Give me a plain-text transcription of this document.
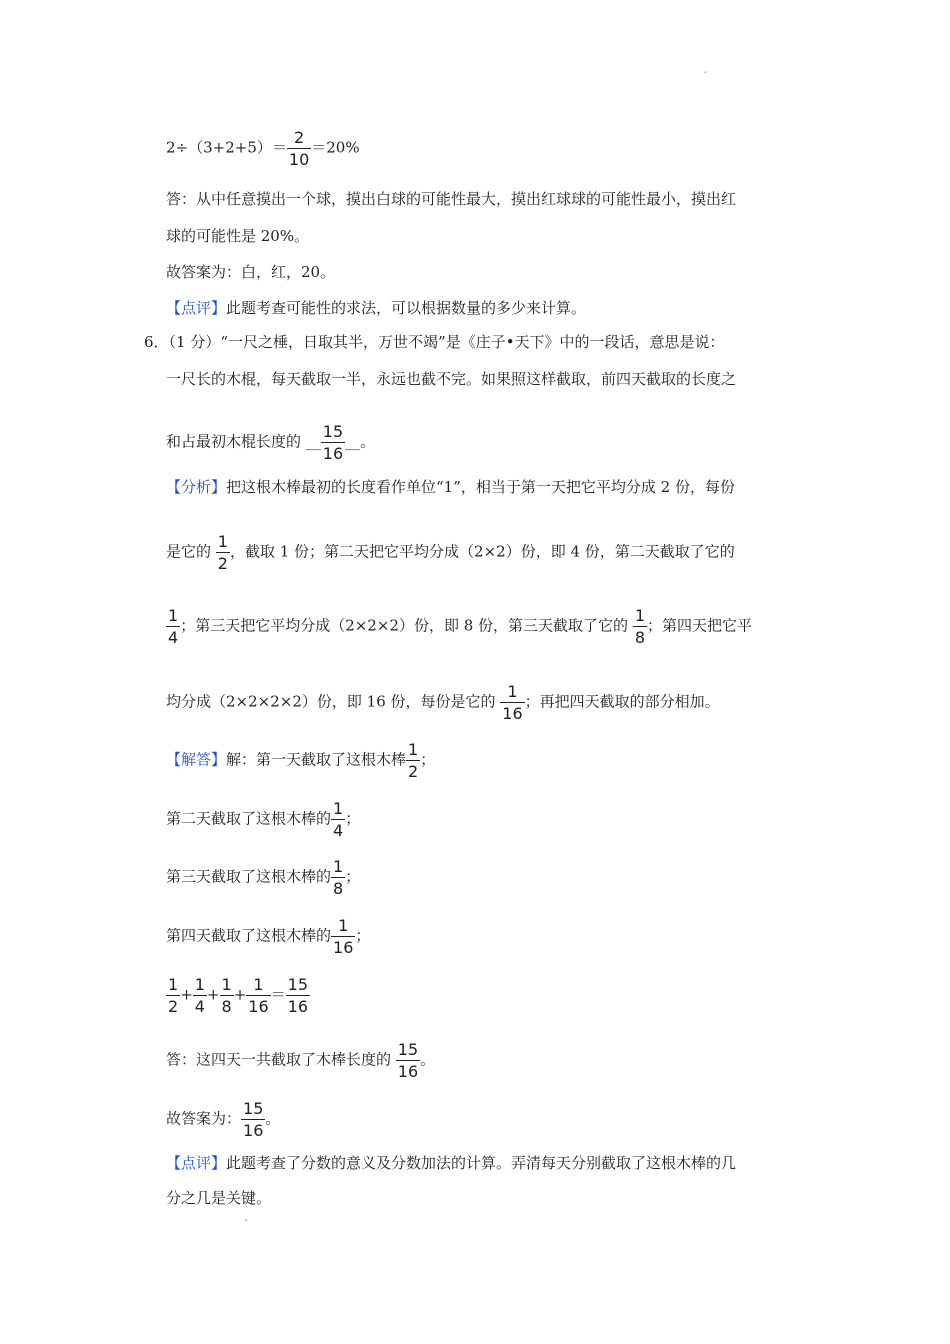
˅
$2\div(3+2+5)= \frac{2}{10} =20\%$
答：从中任意摸出一个球，摸出白球的可能性最大，摸出红球球的可能性最小，摸出红
球的可能性是 20%。
故答案为：白，红，20。
【点评】此题考查可能性的求法，可以根据数量的多少来计算。
6．（1 分）“一尺之棰，日取其半，万世不竭”是《庄子•天下》中的一段话，意思是说：
一尺长的木棍，每天截取一半，永远也截不完。如果照这样截取，前四天截取的长度之
和占最初木棍长度的 __ $\frac{15}{16}$ __。
【分析】把这根木棒最初的长度看作单位“1”，相当于第一天把它平均分成 2 份，每份
是它的 $\frac{1}{2}$ ，截取 1 份；第二天把它平均分成（2×2）份，即 4 份，第二天截取了它的
$\frac{1}{4}$ ；第三天把它平均分成（2×2×2）份，即 8 份，第三天截取了它的 $\frac{1}{8}$ ；第四天把它平
均分成（2×2×2×2）份，即 16 份，每份是它的 $\frac{1}{16}$ ；再把四天截取的部分相加。
【解答】解：第一天截取了这根木棒 $\frac{1}{2}$ ；
第二天截取了这根木棒的 $\frac{1}{4}$ ；
第三天截取了这根木棒的 $\frac{1}{8}$ ；
第四天截取了这根木棒的 $\frac{1}{16}$ ；
$\frac{1}{2} + \frac{1}{4} + \frac{1}{8} + \frac{1}{16} = \frac{15}{16}$
答：这四天一共截取了木棒长度的 $\frac{15}{16}$ 。
故答案为： $\frac{15}{16}$ 。
【点评】此题考查了分数的意义及分数加法的计算。弄清每天分别截取了这根木棒的几
分之几是关键。
˅
